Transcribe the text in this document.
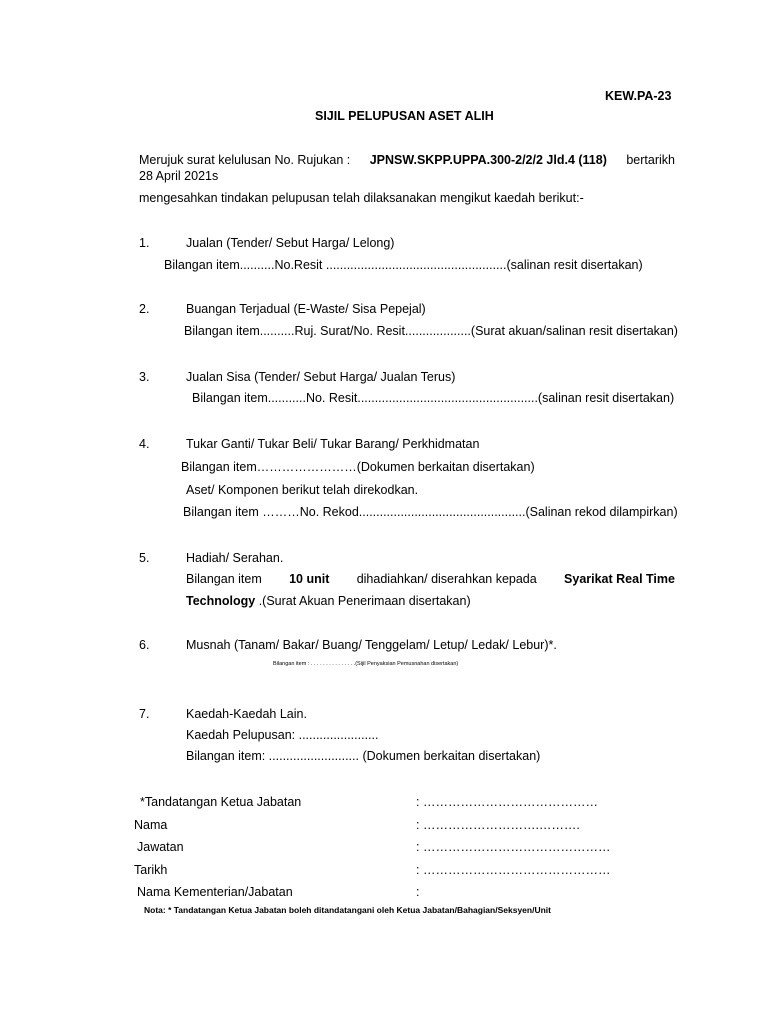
KEW.PA-23
SIJIL PELUPUSAN ASET ALIH
Merujuk surat kelulusan No. Rujukan : JPNSW.SKPP.UPPA.300-2/2/2 Jld.4 (118) bertarikh
28 April 2021s
mengesahkan tindakan pelupusan telah dilaksanakan mengikut kaedah berikut:-
1.	Jualan (Tender/ Sebut Harga/ Lelong)
Bilangan item..........No.Resit ....................................................(salinan resit disertakan)
2.	Buangan Terjadual (E-Waste/ Sisa Pepejal)
Bilangan item..........Ruj. Surat/No. Resit...................(Surat akuan/salinan resit disertakan)
3.	Jualan Sisa (Tender/ Sebut Harga/ Jualan Terus)
Bilangan item...........No. Resit....................................................(salinan resit disertakan)
4.	Tukar Ganti/ Tukar Beli/ Tukar Barang/ Perkhidmatan
Bilangan item……………………(Dokumen berkaitan disertakan)
Aset/ Komponen berikut telah direkodkan.
Bilangan item ………No. Rekod................................................(Salinan rekod dilampirkan)
5.	Hadiah/ Serahan.
Bilangan item 10 unit dihadiahkan/ diserahkan kepada Syarikat Real Time
Technology .(Surat Akuan Penerimaan disertakan)
6.	Musnah (Tanam/ Bakar/ Buang/ Tenggelam/ Letup/ Ledak/ Lebur)*.
Bilangan item : . . . . . . . . . . . . . . .(Sijil Penyaksian Pemusnahan disertakan)
7.	Kaedah-Kaedah Lain.
Kaedah Pelupusan: .......................
Bilangan item: .......................... (Dokumen berkaitan disertakan)
*Tandatangan Ketua Jabatan	: ……………………………………
Nama	: ……………………….……….
Jawatan	: ………………………………………
Tarikh	: ………………………………………
Nama Kementerian/Jabatan	:
Nota: * Tandatangan Ketua Jabatan boleh ditandatangani oleh Ketua Jabatan/Bahagian/Seksyen/Unit
